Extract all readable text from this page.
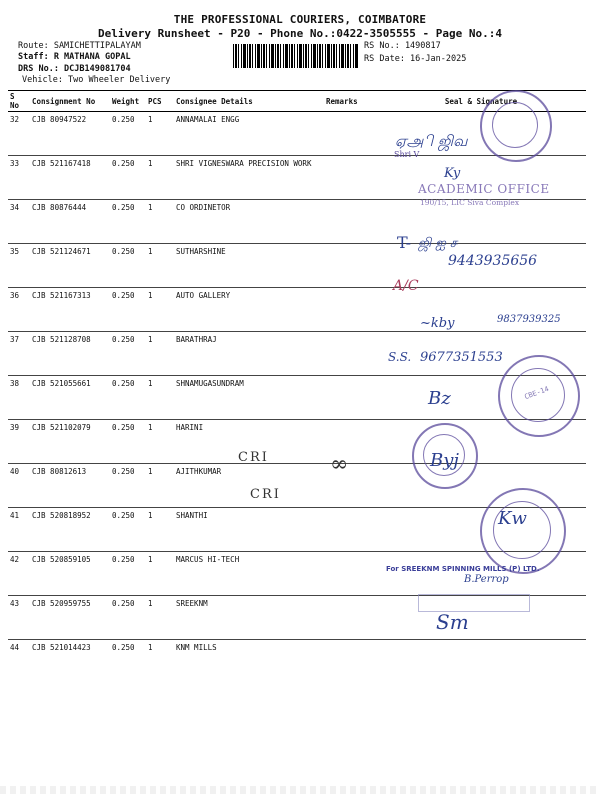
THE PROFESSIONAL COURIERS, COIMBATORE
Delivery Runsheet - P20 - Phone No.:0422-3505555 - Page No.:4
Route: SAMICHETTIPALAYAM
Staff: R MATHANA GOPAL
DRS No.: DCJB149081704
Vehicle: Two Wheeler Delivery
RS No.: 1490817
RS Date: 16-Jan-2025
S No	Consignment No	Weight	PCS	Consignee Details	Remarks	Seal & Signature
32	CJB 80947522	0.250	1	ANNAMALAI ENGG		
33	CJB 521167418	0.250	1	SHRI VIGNESWARA PRECISION WORK		
34	CJB 80876444	0.250	1	CO ORDINETOR		
35	CJB 521124671	0.250	1	SUTHARSHINE		
36	CJB 521167313	0.250	1	AUTO GALLERY		
37	CJB 521128708	0.250	1	BARATHRAJ		
38	CJB 521055661	0.250	1	SHNAMUGASUNDRAM		
39	CJB 521102079	0.250	1	HARINI		
40	CJB 80812613	0.250	1	AJITHKUMAR		
41	CJB 520818952	0.250	1	SHANTHI		
42	CJB 520859105	0.250	1	MARCUS HI-TECH		
43	CJB 520959755	0.250	1	SREEKNM		
44	CJB 521014423	0.250	1	KNM MILLS		
ஏஅி ஜிவ
Shri V
Ky
ACADEMIC OFFICE
190/15, LIC Siva Complex
T- ஜி ஐ ச
9443935656
A/C
~kby	9837939325
S.S. 9677351553
CBE-14
Bz
Byj
CRI	∞
CRI
Kw
For SREEKNM SPINNING MILLS (P) LTD.
B.Perrop
Sm
